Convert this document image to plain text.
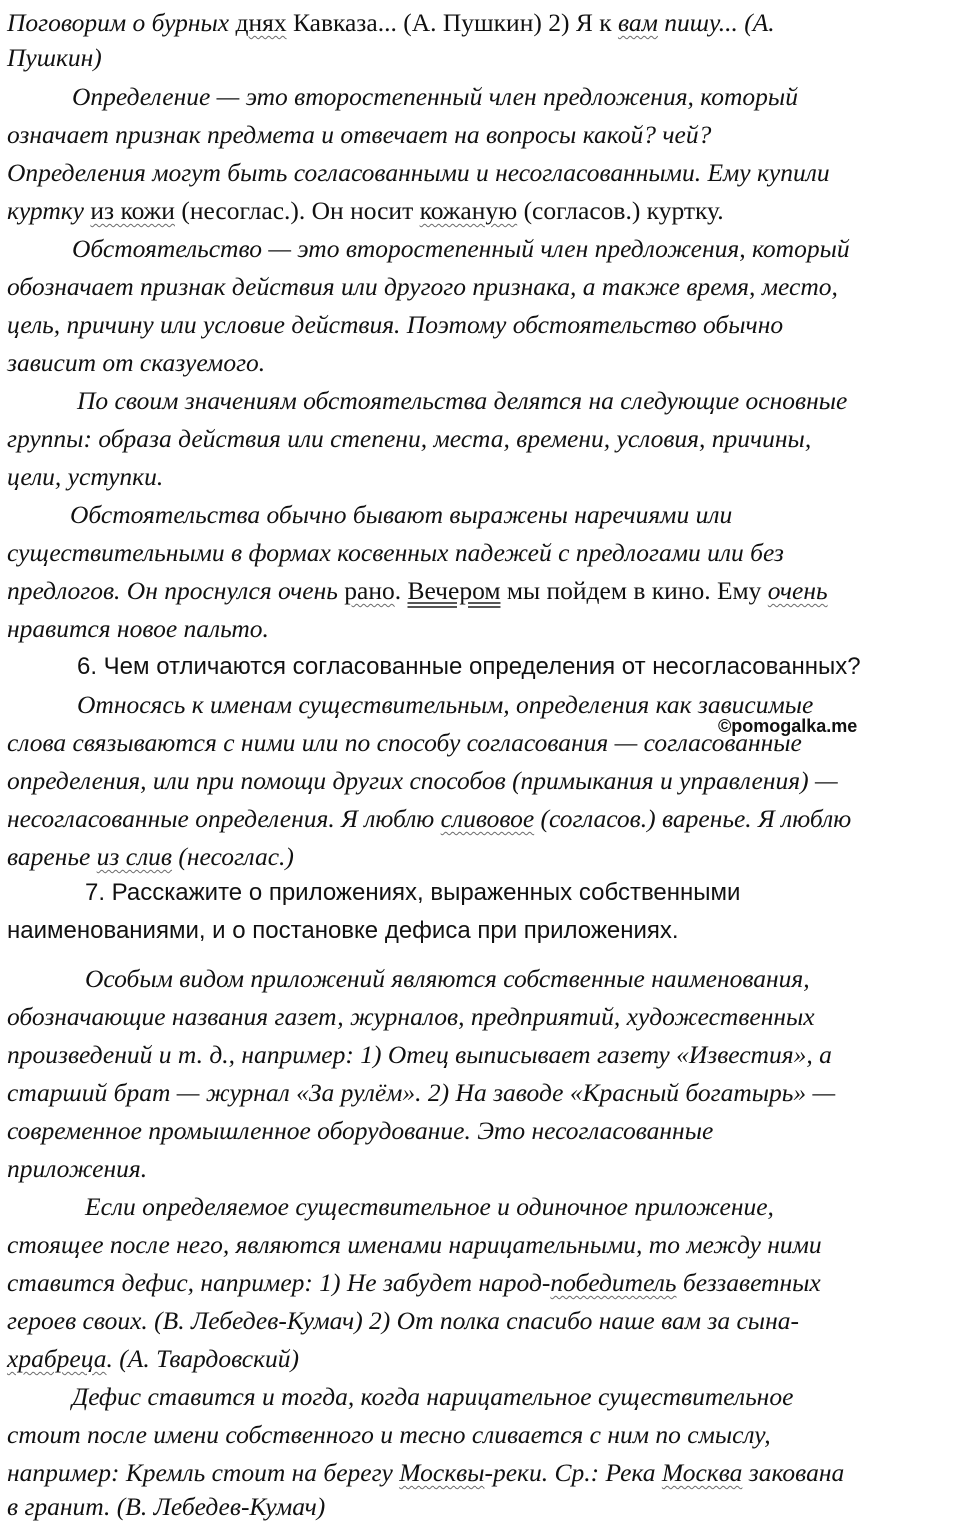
Поговорим о бурных днях Кавказа... (А. Пушкин) 2) Я к вам пишу... (А.
Пушкин)
Определение — это второстепенный член предложения, который
означает признак предмета и отвечает на вопросы какой? чей?
Определения могут быть согласованными и несогласованными. Ему купили
куртку из кожи (несоглас.). Он носит кожаную (согласов.) куртку.
Обстоятельство — это второстепенный член предложения, который
обозначает признак действия или другого признака, а также время, место,
цель, причину или условие действия. Поэтому обстоятельство обычно
зависит от сказуемого.
По своим значениям обстоятельства делятся на следующие основные
группы: образа действия или степени, места, времени, условия, причины,
цели, уступки.
Обстоятельства обычно бывают выражены наречиями или
существительными в формах косвенных падежей с предлогами или без
предлогов. Он проснулся очень рано. Вечером мы пойдем в кино. Ему очень
нравится новое пальто.
6. Чем отличаются согласованные определения от несогласованных?
Относясь к именам существительным, определения как зависимые
©pomogalka.me
слова связываются с ними или по способу согласования — согласованные
определения, или при помощи других способов (примыкания и управления) —
несогласованные определения. Я люблю сливовое (согласов.) варенье. Я люблю
варенье из слив (несоглас.)
7. Расскажите о приложениях, выраженных собственными
наименованиями, и о постановке дефиса при приложениях.
Особым видом приложений являются собственные наименования,
обозначающие названия газет, журналов, предприятий, художественных
произведений и т. д., например: 1) Отец выписывает газету «Известия», а
старший брат — журнал «За рулём». 2) На заводе «Красный богатырь» —
современное промышленное оборудование. Это несогласованные
приложения.
Если определяемое существительное и одиночное приложение,
стоящее после него, являются именами нарицательными, то между ними
ставится дефис, например: 1) Не забудет народ-победитель беззаветных
героев своих. (В. Лебедев-Кумач) 2) От полка спасибо наше вам за сына-
храбреца. (А. Твардовский)
Дефис ставится и тогда, когда нарицательное существительное
стоит после имени собственного и тесно сливается с ним по смыслу,
например: Кремль стоит на берегу Москвы-реки. Ср.: Река Москва закована
в гранит. (В. Лебедев-Кумач)
